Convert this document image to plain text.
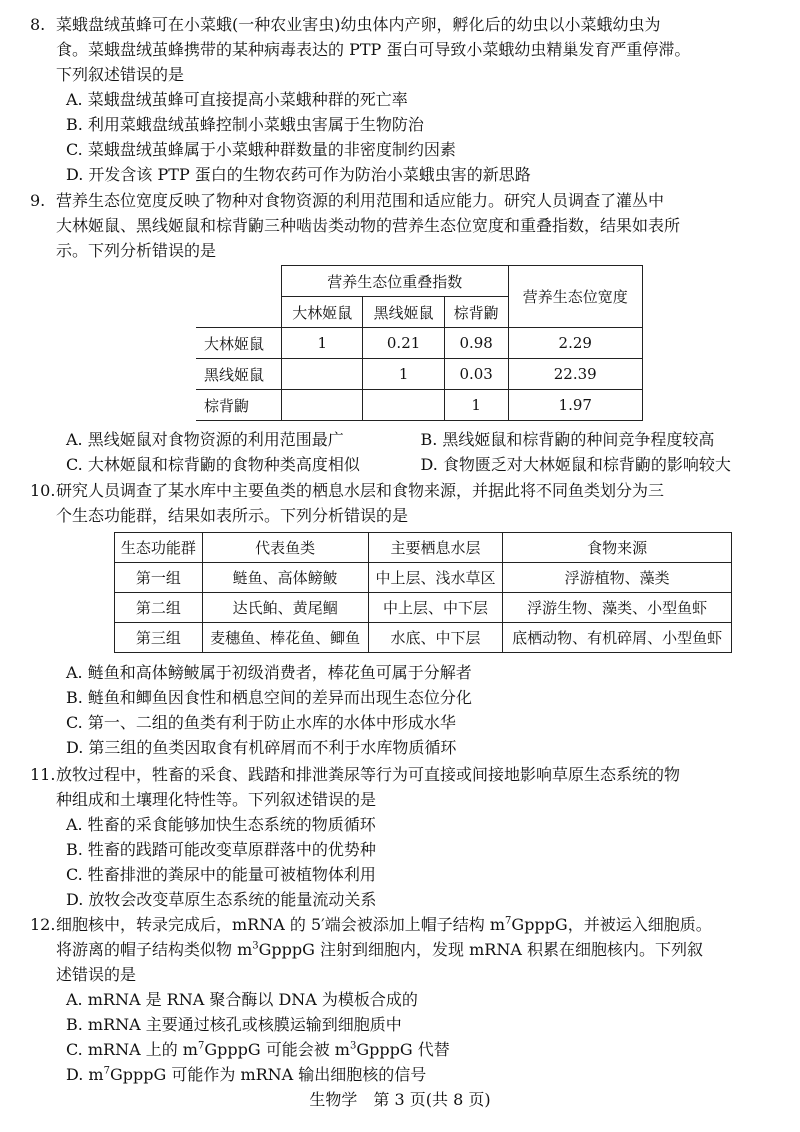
8. 菜蛾盘绒茧蜂可在小菜蛾(一种农业害虫)幼虫体内产卵，孵化后的幼虫以小菜蛾幼虫为

食。菜蛾盘绒茧蜂携带的某种病毒表达的 PTP 蛋白可导致小菜蛾幼虫精巢发育严重停滞。

下列叙述错误的是

A. 菜蛾盘绒茧蜂可直接提高小菜蛾种群的死亡率

B. 利用菜蛾盘绒茧蜂控制小菜蛾虫害属于生物防治

C. 菜蛾盘绒茧蜂属于小菜蛾种群数量的非密度制约因素

D. 开发含该 PTP 蛋白的生物农药可作为防治小菜蛾虫害的新思路

9. 营养生态位宽度反映了物种对食物资源的利用范围和适应能力。研究人员调查了灌丛中

大林姬鼠、黑线姬鼠和棕背鼩三种啮齿类动物的营养生态位宽度和重叠指数，结果如表所

示。下列分析错误的是

	营养生态位重叠指数			营养生态位宽度
	大林姬鼠	黑线姬鼠	棕背鼩	
大林姬鼠	1	0.21	0.98	2.29
黑线姬鼠		1	0.03	22.39
棕背鼩			1	1.97

A. 黑线姬鼠对食物资源的利用范围最广	B. 黑线姬鼠和棕背鼩的种间竞争程度较高

C. 大林姬鼠和棕背鼩的食物种类高度相似	D. 食物匮乏对大林姬鼠和棕背鼩的影响较大

10.研究人员调查了某水库中主要鱼类的栖息水层和食物来源，并据此将不同鱼类划分为三

个生态功能群，结果如表所示。下列分析错误的是

生态功能群	代表鱼类	主要栖息水层	食物来源
第一组	鲢鱼、高体鳑鲏	中上层、浅水草区	浮游植物、藻类
第二组	达氏鲌、黄尾鲴	中上层、中下层	浮游生物、藻类、小型鱼虾
第三组	麦穗鱼、棒花鱼、鲫鱼	水底、中下层	底栖动物、有机碎屑、小型鱼虾

A. 鲢鱼和高体鳑鲏属于初级消费者，棒花鱼可属于分解者

B. 鲢鱼和鲫鱼因食性和栖息空间的差异而出现生态位分化

C. 第一、二组的鱼类有利于防止水库的水体中形成水华

D. 第三组的鱼类因取食有机碎屑而不利于水库物质循环

11.放牧过程中，牲畜的采食、践踏和排泄粪尿等行为可直接或间接地影响草原生态系统的物

种组成和土壤理化特性等。下列叙述错误的是

A. 牲畜的采食能够加快生态系统的物质循环

B. 牲畜的践踏可能改变草原群落中的优势种

C. 牲畜排泄的粪尿中的能量可被植物体利用

D. 放牧会改变草原生态系统的能量流动关系

12.细胞核中，转录完成后，mRNA 的 5′端会被添加上帽子结构 $m^7GpppG$，并被运入细胞质。

将游离的帽子结构类似物 $m^3GpppG$ 注射到细胞内，发现 mRNA 积累在细胞核内。下列叙

述错误的是

A. mRNA 是 RNA 聚合酶以 DNA 为模板合成的

B. mRNA 主要通过核孔或核膜运输到细胞质中

C. mRNA 上的 $m^7GpppG$ 可能会被 $m^3GpppG$ 代替

D. $m^7GpppG$ 可能作为 mRNA 输出细胞核的信号

生物学　第 3 页(共 8 页)
